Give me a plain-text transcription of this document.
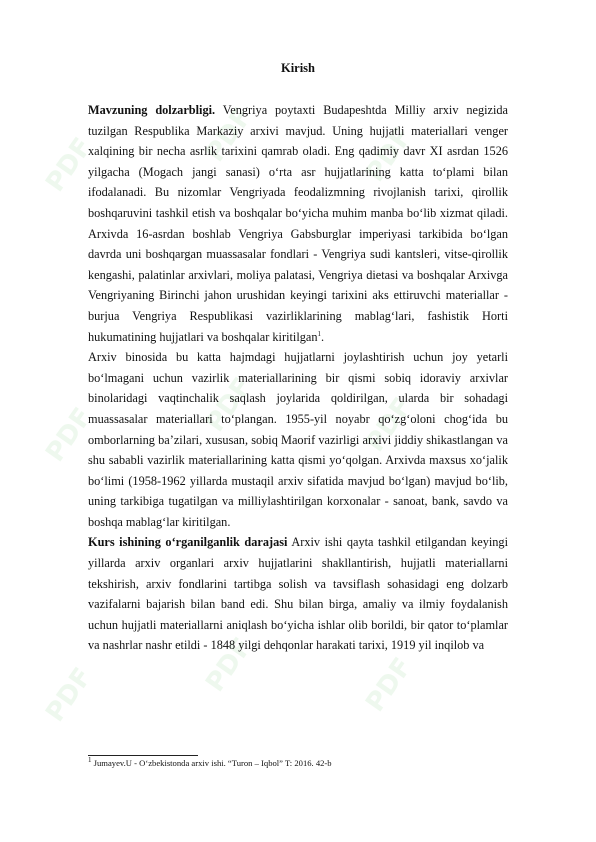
PDF	PDF	PDF
PDF	PDF	PDF
PDF	PDF	PDF
Kirish

Mavzuning dolzarbligi. Vengriya poytaxti Budapeshtda Milliy arxiv negizida tuzilgan Respublika Markaziy arxivi mavjud. Uning hujjatli materiallari venger xalqining bir necha asrlik tarixini qamrab oladi. Eng qadimiy davr XI asrdan 1526 yilgacha (Mogach jangi sanasi) o‘rta asr hujjatlarining katta to‘plami bilan ifodalanadi. Bu nizomlar Vengriyada feodalizmning rivojlanish tarixi, qirollik boshqaruvini tashkil etish va boshqalar bo‘yicha muhim manba bo‘lib xizmat qiladi. Arxivda 16-asrdan boshlab Vengriya Gabsburglar imperiyasi tarkibida bo‘lgan davrda uni boshqargan muassasalar fondlari - Vengriya sudi kantsleri, vitse-qirollik kengashi, palatinlar arxivlari, moliya palatasi, Vengriya dietasi va boshqalar Arxivga Vengriyaning Birinchi jahon urushidan keyingi tarixini aks ettiruvchi materiallar - burjua Vengriya Respublikasi vazirliklarining mablag‘lari, fashistik Horti hukumatining hujjatlari va boshqalar kiritilgan$^1$.

Arxiv binosida bu katta hajmdagi hujjatlarni joylashtirish uchun joy yetarli bo‘lmagani uchun vazirlik materiallarining bir qismi sobiq idoraviy arxivlar binolaridagi vaqtinchalik saqlash joylarida qoldirilgan, ularda bir sohadagi muassasalar materiallari to‘plangan. 1955-yil noyabr qo‘zg‘oloni chog‘ida bu omborlarning ba’zilari, xususan, sobiq Maorif vazirligi arxivi jiddiy shikastlangan va shu sababli vazirlik materiallarining katta qismi yo‘qolgan. Arxivda maxsus xo‘jalik bo‘limi (1958-1962 yillarda mustaqil arxiv sifatida mavjud bo‘lgan) mavjud bo‘lib, uning tarkibiga tugatilgan va milliylashtirilgan korxonalar - sanoat, bank, savdo va boshqa mablag‘lar kiritilgan.

Kurs ishining o‘rganilganlik darajasi Arxiv ishi qayta tashkil etilgandan keyingi yillarda arxiv organlari arxiv hujjatlarini shakllantirish, hujjatli materiallarni tekshirish, arxiv fondlarini tartibga solish va tavsiflash sohasidagi eng dolzarb vazifalarni bajarish bilan band edi. Shu bilan birga, amaliy va ilmiy foydalanish uchun hujjatli materiallarni aniqlash bo‘yicha ishlar olib borildi, bir qator to‘plamlar va nashrlar nashr etildi - 1848 yilgi dehqonlar harakati tarixi, 1919 yil inqilob va

$^1$ Jumayev.U - O‘zbekistonda arxiv ishi. “Turon – Iqbol” T: 2016. 42-b
